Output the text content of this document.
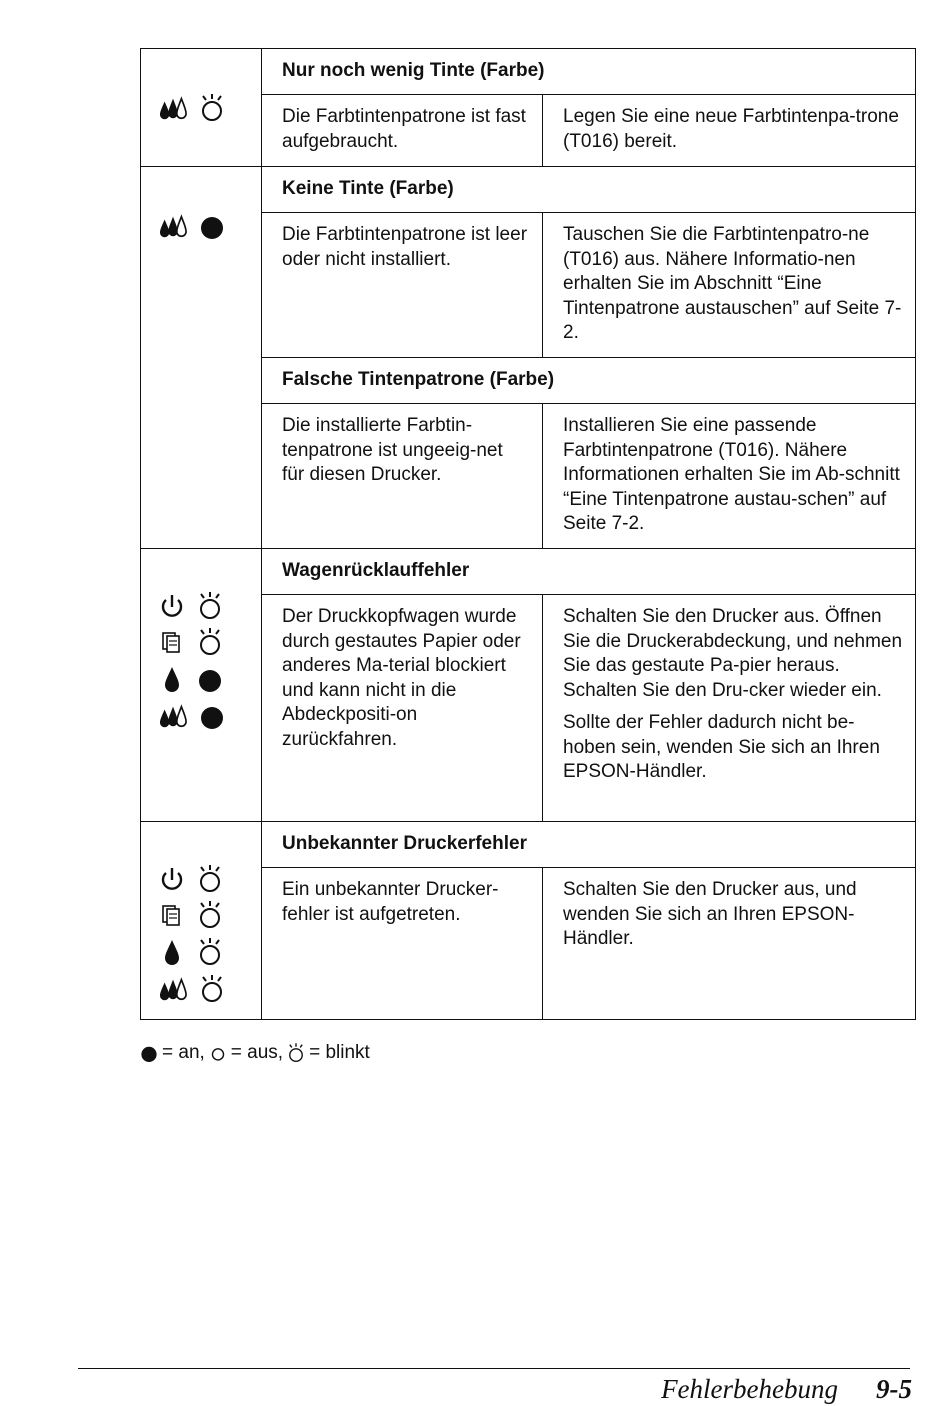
Nur noch wenig Tinte (Farbe)
Die Farbtintenpatrone ist fast aufgebraucht.

Legen Sie eine neue Farbtintenpa-trone (T016) bereit.

Keine Tinte (Farbe)
Die Farbtintenpatrone ist leer oder nicht installiert.

Tauschen Sie die Farbtintenpatro-ne (T016) aus. Nähere Informatio-nen erhalten Sie im Abschnitt “Eine Tintenpatrone austauschen” auf Seite 7-2.

Falsche Tintenpatrone (Farbe)
Die installierte Farbtin-tenpatrone ist ungeeig-net für diesen Drucker.

Installieren Sie eine passende Farbtintenpatrone (T016). Nähere Informationen erhalten Sie im Ab-schnitt “Eine Tintenpatrone austau-schen” auf Seite 7-2.

Wagenrücklauffehler
Der Druckkopfwagen wurde durch gestautes Papier oder anderes Ma-terial blockiert und kann nicht in die Abdeckpositi-on zurückfahren.

Schalten Sie den Drucker aus. Öffnen Sie die Druckerabdeckung, und nehmen Sie das gestaute Pa-pier heraus. Schalten Sie den Dru-cker wieder ein.

Sollte der Fehler dadurch nicht be-hoben sein, wenden Sie sich an Ihren EPSON-Händler.

Unbekannter Druckerfehler
Ein unbekannter Drucker-fehler ist aufgetreten.

Schalten Sie den Drucker aus, und wenden Sie sich an Ihren EPSON-Händler.

= an, = aus, = blinkt
Fehlerbehebung 9-5
